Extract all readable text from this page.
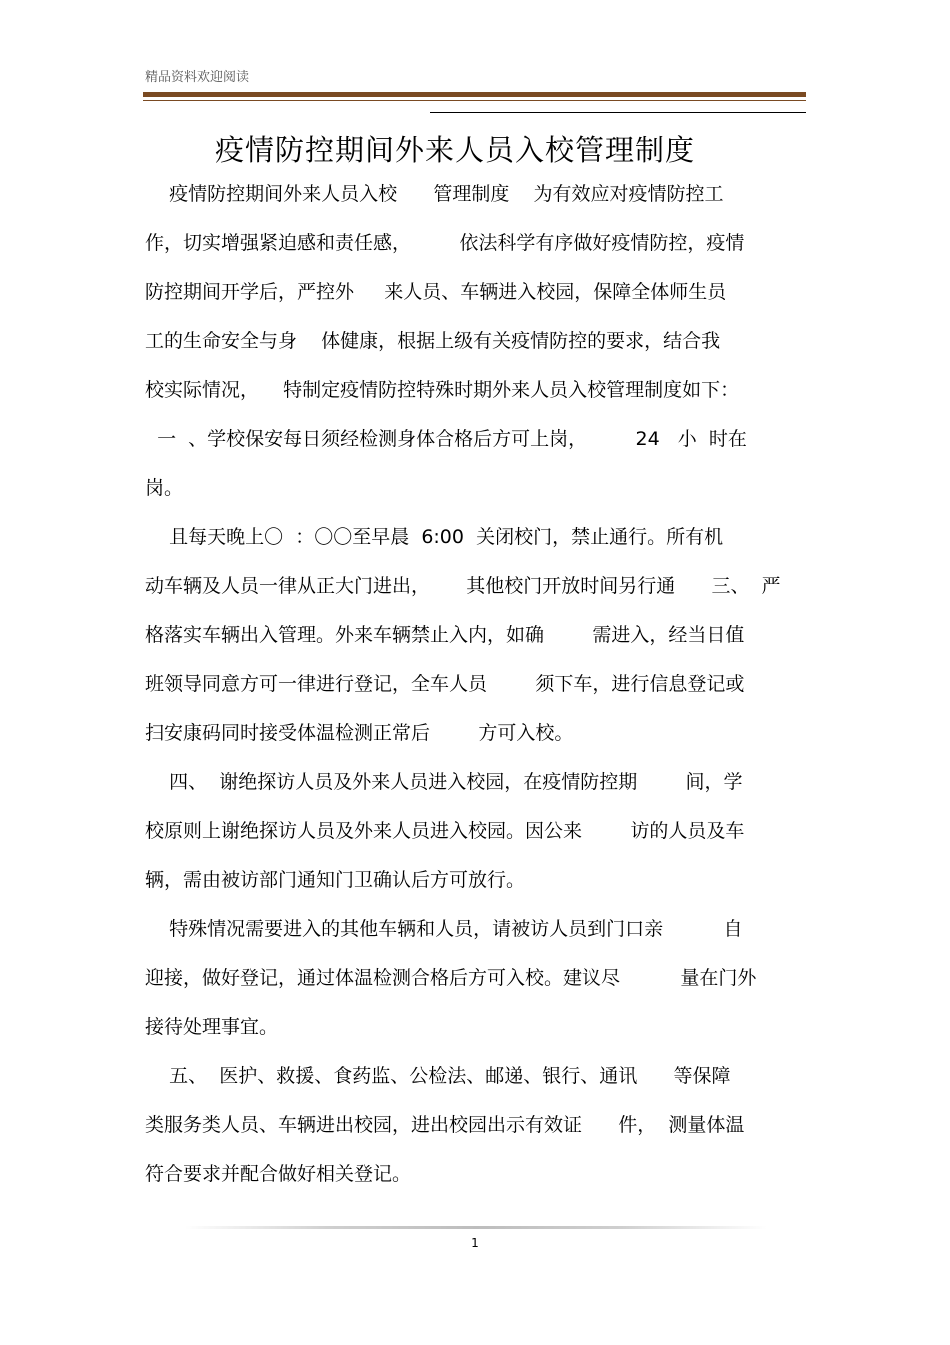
精品资料欢迎阅读
疫情防控期间外来人员入校管理制度
疫情防控期间外来人员入校      管理制度    为有效应对疫情防控工
作，切实增强紧迫感和责任感，        依法科学有序做好疫情防控，疫情
防控期间开学后，严控外     来人员、车辆进入校园，保障全体师生员
工的生命安全与身    体健康，根据上级有关疫情防控的要求，结合我
校实际情况，    特制定疫情防控特殊时期外来人员入校管理制度如下：
一  、学校保安每日须经检测身体合格后方可上岗，        24   小  时在
岗。
且每天晚上〇  ：〇〇至早晨  6:00  关闭校门，禁止通行。所有机
动车辆及人员一律从正大门进出，      其他校门开放时间另行通      三、  严
格落实车辆出入管理。外来车辆禁止入内，如确        需进入，经当日值
班领导同意方可一律进行登记，全车人员        须下车，进行信息登记或
扫安康码同时接受体温检测正常后        方可入校。
四、  谢绝探访人员及外来人员进入校园，在疫情防控期        间，学
校原则上谢绝探访人员及外来人员进入校园。因公来        访的人员及车
辆，需由被访部门通知门卫确认后方可放行。
特殊情况需要进入的其他车辆和人员，请被访人员到门口亲          自
迎接，做好登记，通过体温检测合格后方可入校。建议尽          量在门外
接待处理事宜。
五、  医护、救援、食药监、公检法、邮递、银行、通讯      等保障
类服务类人员、车辆进出校园，进出校园出示有效证      件，  测量体温
符合要求并配合做好相关登记。
1
